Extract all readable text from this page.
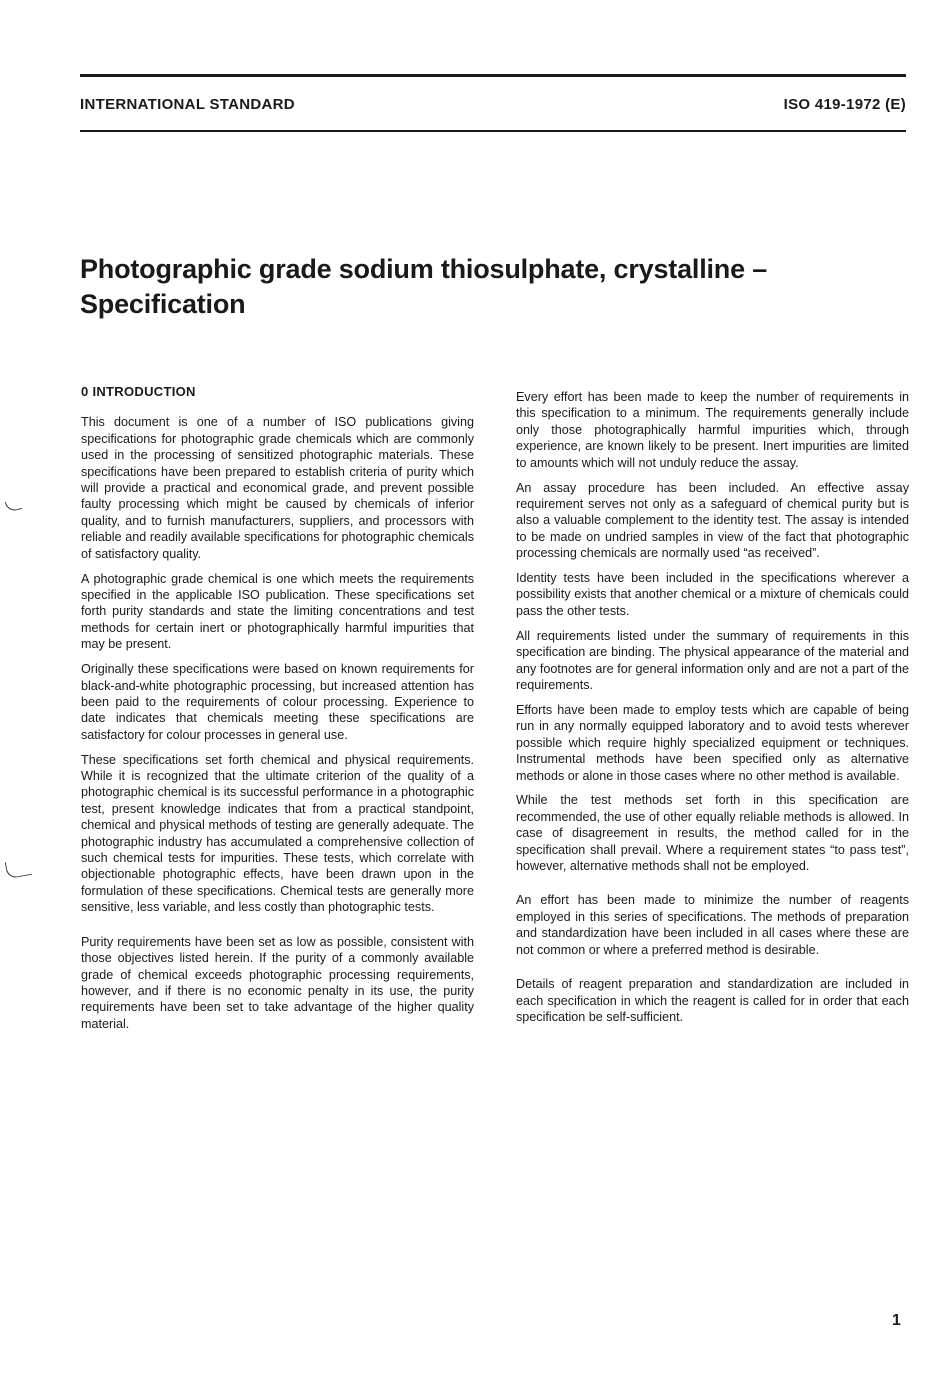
INTERNATIONAL STANDARD	ISO 419-1972 (E)
Photographic grade sodium thiosulphate, crystalline –
Specification
0 INTRODUCTION

This document is one of a number of ISO publications giving specifications for photographic grade chemicals which are commonly used in the processing of sensitized photographic materials. These specifications have been prepared to establish criteria of purity which will provide a practical and economical grade, and prevent possible faulty processing which might be caused by chemicals of inferior quality, and to furnish manufacturers, suppliers, and processors with reliable and readily available specifications for photographic chemicals of satisfactory quality.

A photographic grade chemical is one which meets the requirements specified in the applicable ISO publication. These specifications set forth purity standards and state the limiting concentrations and test methods for certain inert or photographically harmful impurities that may be present.

Originally these specifications were based on known requirements for black-and-white photographic processing, but increased attention has been paid to the requirements of colour processing. Experience to date indicates that chemicals meeting these specifications are satisfactory for colour processes in general use.

These specifications set forth chemical and physical requirements. While it is recognized that the ultimate criterion of the quality of a photographic chemical is its successful performance in a photographic test, present knowledge indicates that from a practical standpoint, chemical and physical methods of testing are generally adequate. The photographic industry has accumulated a comprehensive collection of such chemical tests for impurities. These tests, which correlate with objectionable photographic effects, have been drawn upon in the formulation of these specifications. Chemical tests are generally more sensitive, less variable, and less costly than photographic tests.

Purity requirements have been set as low as possible, consistent with those objectives listed herein. If the purity of a commonly available grade of chemical exceeds photographic processing requirements, however, and if there is no economic penalty in its use, the purity requirements have been set to take advantage of the higher quality material.

Every effort has been made to keep the number of requirements in this specification to a minimum. The requirements generally include only those photographically harmful impurities which, through experience, are known likely to be present. Inert impurities are limited to amounts which will not unduly reduce the assay.

An assay procedure has been included. An effective assay requirement serves not only as a safeguard of chemical purity but is also a valuable complement to the identity test. The assay is intended to be made on undried samples in view of the fact that photographic processing chemicals are normally used “as received”.

Identity tests have been included in the specifications wherever a possibility exists that another chemical or a mixture of chemicals could pass the other tests.

All requirements listed under the summary of requirements in this specification are binding. The physical appearance of the material and any footnotes are for general information only and are not a part of the requirements.

Efforts have been made to employ tests which are capable of being run in any normally equipped laboratory and to avoid tests wherever possible which require highly specialized equipment or techniques. Instrumental methods have been specified only as alternative methods or alone in those cases where no other method is available.

While the test methods set forth in this specification are recommended, the use of other equally reliable methods is allowed. In case of disagreement in results, the method called for in the specification shall prevail. Where a requirement states “to pass test”, however, alternative methods shall not be employed.

An effort has been made to minimize the number of reagents employed in this series of specifications. The methods of preparation and standardization have been included in all cases where these are not common or where a preferred method is desirable.

Details of reagent preparation and standardization are included in each specification in which the reagent is called for in order that each specification be self-sufficient.

1
